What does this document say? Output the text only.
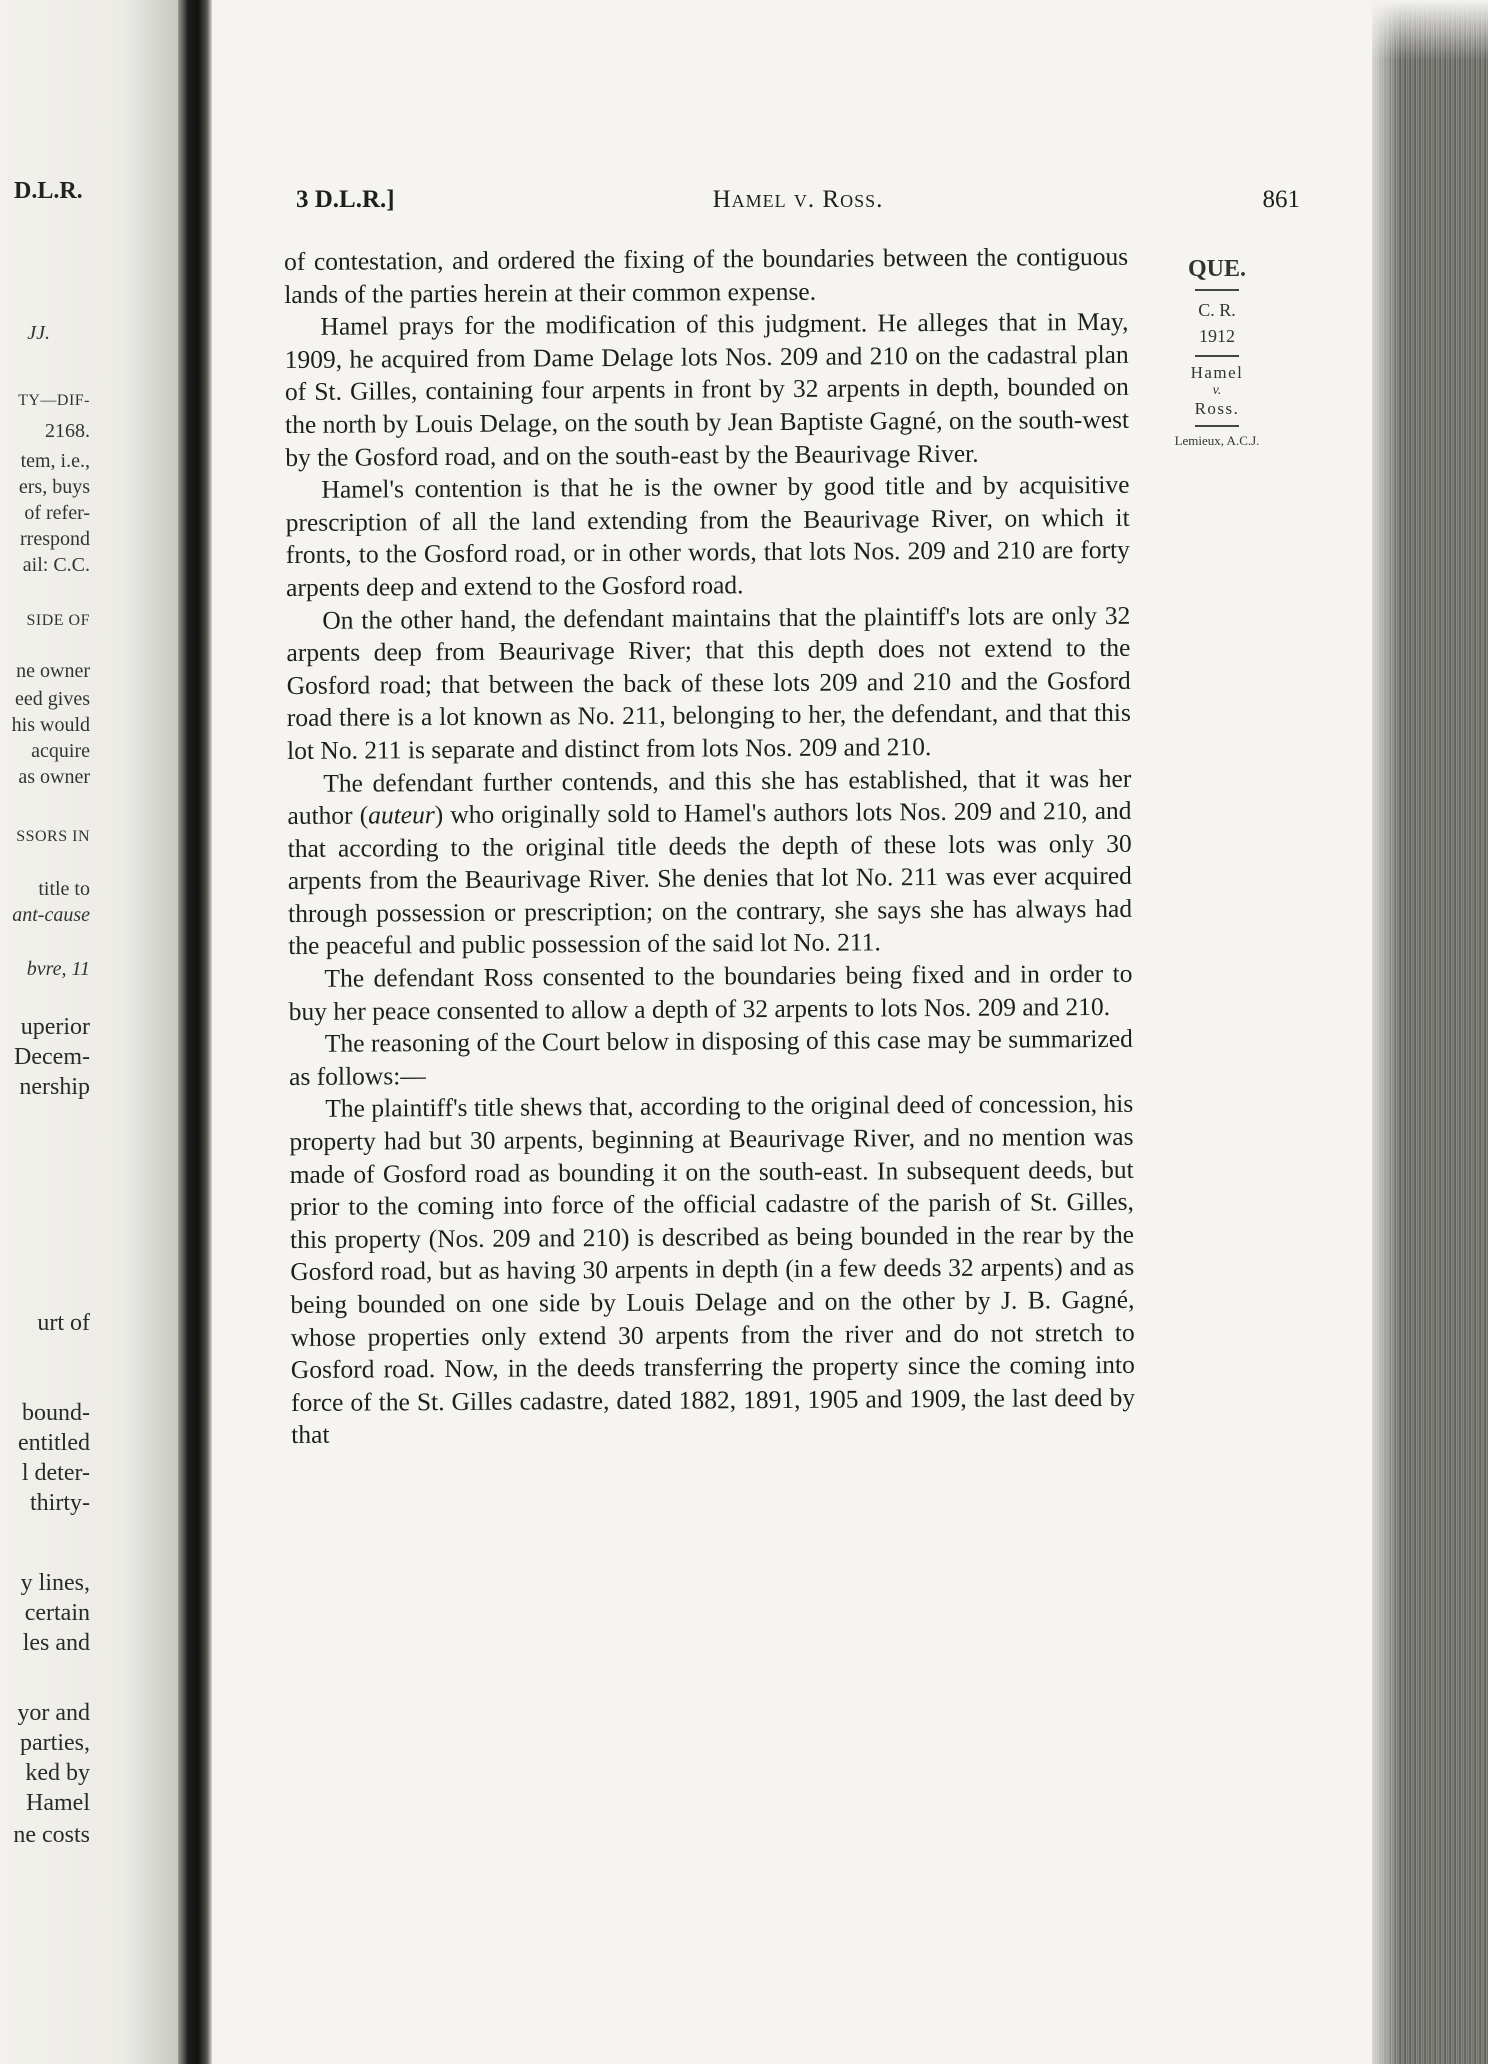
D.L.R.
JJ.
TY—DIF-
2168.
tem, i.e.,
ers, buys
of refer-
rrespond
ail: C.C.
SIDE OF
ne owner
eed gives
his would
acquire
as owner
SSORS IN
title to
ant-cause
bvre, 11
uperior
Decem-
nership
urt of
bound-
entitled
l deter-
thirty-
y lines,
certain
les and
yor and
parties,
ked by
Hamel
ne costs
3 D.L.R.]	Hamel v. Ross.	861

of contestation, and ordered the fixing of the boundaries between the contiguous lands of the parties herein at their common expense.

Hamel prays for the modification of this judgment. He alleges that in May, 1909, he acquired from Dame Delage lots Nos. 209 and 210 on the cadastral plan of St. Gilles, containing four arpents in front by 32 arpents in depth, bounded on the north by Louis Delage, on the south by Jean Baptiste Gagné, on the south-west by the Gosford road, and on the south-east by the Beaurivage River.

Hamel's contention is that he is the owner by good title and by acquisitive prescription of all the land extending from the Beaurivage River, on which it fronts, to the Gosford road, or in other words, that lots Nos. 209 and 210 are forty arpents deep and extend to the Gosford road.

On the other hand, the defendant maintains that the plaintiff's lots are only 32 arpents deep from Beaurivage River; that this depth does not extend to the Gosford road; that between the back of these lots 209 and 210 and the Gosford road there is a lot known as No. 211, belonging to her, the defendant, and that this lot No. 211 is separate and distinct from lots Nos. 209 and 210.

The defendant further contends, and this she has established, that it was her author (auteur) who originally sold to Hamel's authors lots Nos. 209 and 210, and that according to the original title deeds the depth of these lots was only 30 arpents from the Beaurivage River. She denies that lot No. 211 was ever acquired through possession or prescription; on the contrary, she says she has always had the peaceful and public possession of the said lot No. 211.

The defendant Ross consented to the boundaries being fixed and in order to buy her peace consented to allow a depth of 32 arpents to lots Nos. 209 and 210.

The reasoning of the Court below in disposing of this case may be summarized as follows:—

The plaintiff's title shews that, according to the original deed of concession, his property had but 30 arpents, beginning at Beaurivage River, and no mention was made of Gosford road as bounding it on the south-east. In subsequent deeds, but prior to the coming into force of the official cadastre of the parish of St. Gilles, this property (Nos. 209 and 210) is described as being bounded in the rear by the Gosford road, but as having 30 arpents in depth (in a few deeds 32 arpents) and as being bounded on one side by Louis Delage and on the other by J. B. Gagné, whose properties only extend 30 arpents from the river and do not stretch to Gosford road. Now, in the deeds transferring the property since the coming into force of the St. Gilles cadastre, dated 1882, 1891, 1905 and 1909, the last deed by that

QUE.
C. R.
1912
Hamel
v.
Ross.
Lemieux, A.C.J.
